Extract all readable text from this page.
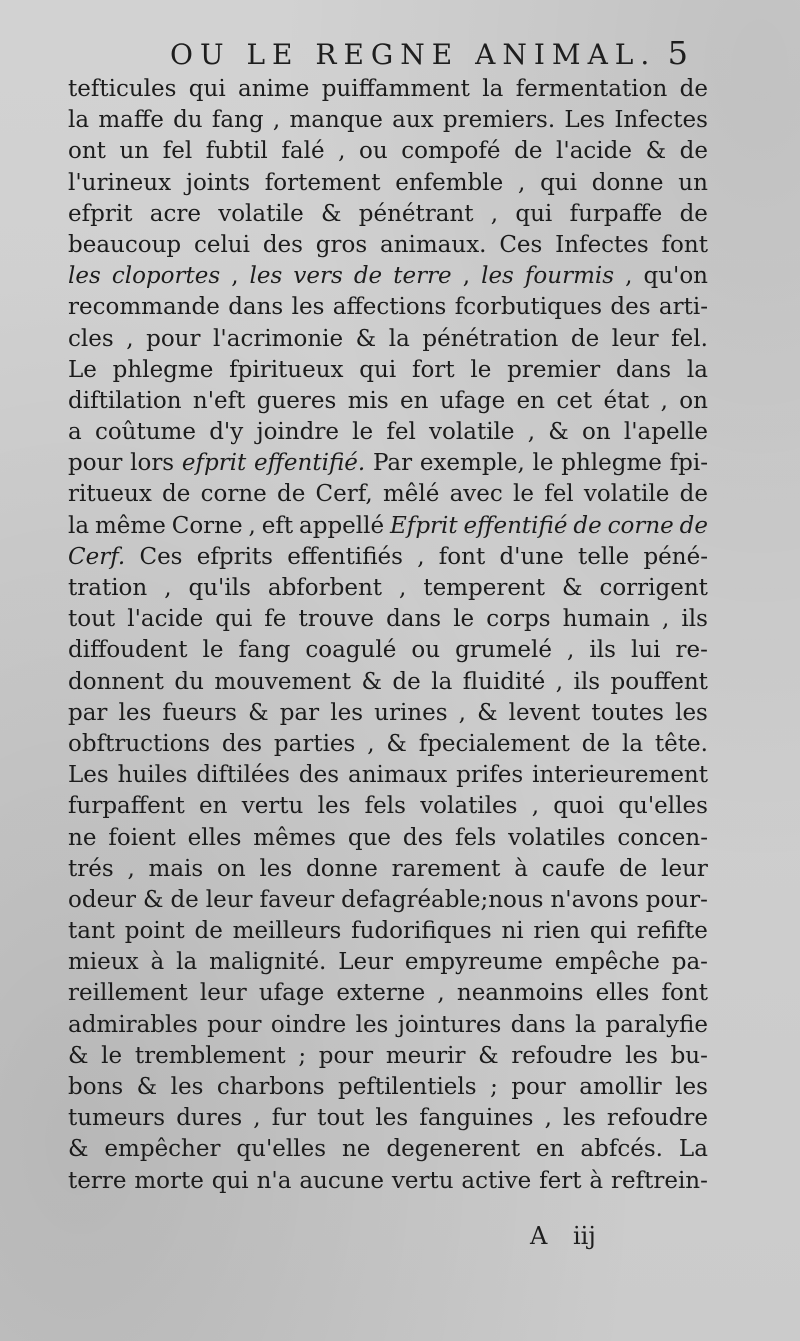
OU LE REGNE ANIMAL. 5
tefticules qui anime puiffamment la fermentation de
la maffe du fang , manque aux premiers. Les Infectes
ont un fel fubtil falé , ou compofé de l'acide & de
l'urineux joints fortement enfemble , qui donne un
efprit acre volatile & pénétrant , qui furpaffe de
beaucoup celui des gros animaux. Ces Infectes font
les cloportes , les vers de terre , les fourmis , qu'on
recommande dans les affections fcorbutiques des arti-
cles , pour l'acrimonie & la pénétration de leur fel.
Le phlegme fpiritueux qui fort le premier dans la
diftilation n'eft gueres mis en ufage en cet état , on
a coûtume d'y joindre le fel volatile , & on l'apelle
pour lors efprit effentifié. Par exemple, le phlegme fpi-
ritueux de corne de Cerf, mêlé avec le fel volatile de
la même Corne , eft appellé Efprit effentifié de corne de
Cerf. Ces efprits effentifiés , font d'une telle péné-
tration , qu'ils abforbent , temperent & corrigent
tout l'acide qui fe trouve dans le corps humain , ils
diffoudent le fang coagulé ou grumelé , ils lui re-
donnent du mouvement & de la fluidité , ils pouffent
par les fueurs & par les urines , & levent toutes les
obftructions des parties , & fpecialement de la tête.
Les huiles diftilées des animaux prifes interieurement
furpaffent en vertu les fels volatiles , quoi qu'elles
ne foient elles mêmes que des fels volatiles concen-
trés , mais on les donne rarement à caufe de leur
odeur & de leur faveur defagréable;nous n'avons pour-
tant point de meilleurs fudorifiques ni rien qui refifte
mieux à la malignité. Leur empyreume empêche pa-
reillement leur ufage externe , neanmoins elles font
admirables pour oindre les jointures dans la paralyfie
& le tremblement ; pour meurir & refoudre les bu-
bons & les charbons peftilentiels ; pour amollir les
tumeurs dures , fur tout les fanguines , les refoudre
& empêcher qu'elles ne degenerent en abfcés. La
terre morte qui n'a aucune vertu active fert à reftrein-
A iij
